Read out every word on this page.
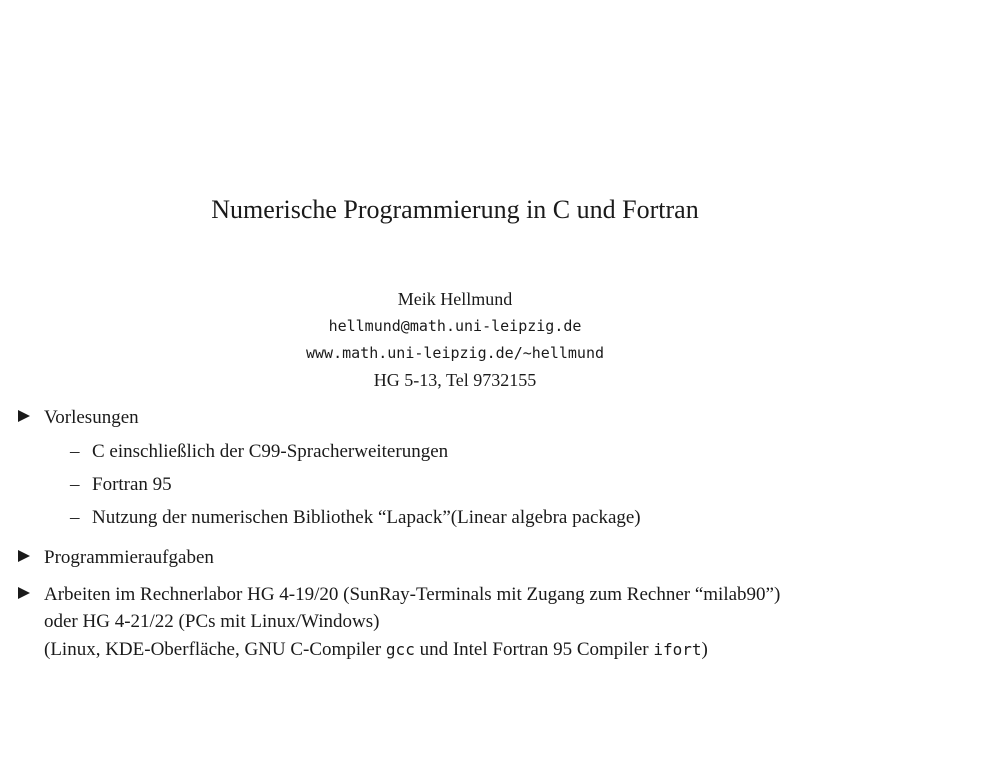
Numerische Programmierung in C und Fortran
Meik Hellmund
hellmund@math.uni-leipzig.de
www.math.uni-leipzig.de/~hellmund
HG 5-13, Tel 9732155
Vorlesungen
– C einschließlich der C99-Spracherweiterungen
– Fortran 95
– Nutzung der numerischen Bibliothek “Lapack”(Linear algebra package)
Programmieraufgaben
Arbeiten im Rechnerlabor HG 4-19/20 (SunRay-Terminals mit Zugang zum Rechner “milab90”)
oder HG 4-21/22 (PCs mit Linux/Windows)
(Linux, KDE-Oberfläche, GNU C-Compiler gcc und Intel Fortran 95 Compiler ifort)
